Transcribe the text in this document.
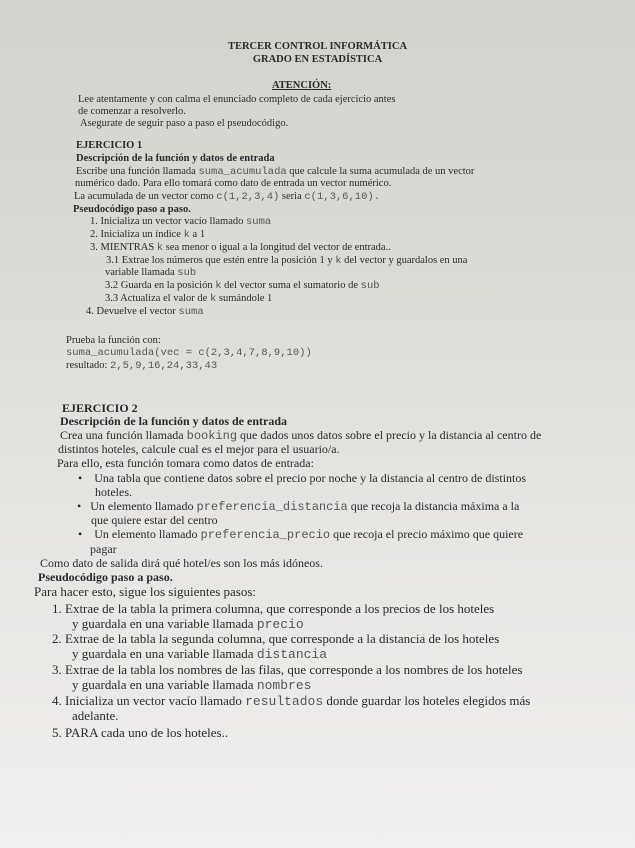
TERCER CONTROL INFORMÁTICA
GRADO EN ESTADÍSTICA
ATENCIÓN:
Lee atentamente y con calma el enunciado completo de cada ejercicio antes
de comenzar a resolverlo.
Asegurate de seguir paso a paso el pseudocódigo.
EJERCICIO 1
Descripción de la función y datos de entrada
Escribe una función llamada suma_acumulada que calcule la suma acumulada de un vector
numérico dado. Para ello tomará como dato de entrada un vector numérico.
La acumulada de un vector como c(1,2,3,4) seria c(1,3,6,10).
Pseudocódigo paso a paso.
1. Inicializa un vector vacío llamado suma
2. Inicializa un índice k a 1
3. MIENTRAS k sea menor o igual a la longitud del vector de entrada..
3.1 Extrae los números que estén entre la posición 1 y k del vector y guardalos en una
variable llamada sub
3.2 Guarda en la posición k del vector suma el sumatorio de sub
3.3 Actualiza el valor de k sumándole 1
4. Devuelve el vector suma
Prueba la función con:
suma_acumulada(vec = c(2,3,4,7,8,9,10))
resultado: 2,5,9,16,24,33,43
EJERCICIO 2
Descripción de la función y datos de entrada
Crea una función llamada booking que dados unos datos sobre el precio y la distancia al centro de
distintos hoteles, calcule cual es el mejor para el usuario/a.
Para ello, esta función tomara como datos de entrada:
•    Una tabla que contiene datos sobre el precio por noche y la distancia al centro de distintos
hoteles.
•   Un elemento llamado preferencia_distancia que recoja la distancia máxima a la
que quiere estar del centro
•    Un elemento llamado preferencia_precio que recoja el precio máximo que quiere
pagar
Como dato de salida dirá qué hotel/es son los más idóneos.
Pseudocódigo paso a paso.
Para hacer esto, sigue los siguientes pasos:
1. Extrae de la tabla la primera columna, que corresponde a los precios de los hoteles
y guardala en una variable llamada precio
2. Extrae de la tabla la segunda columna, que corresponde a la distancia de los hoteles
y guardala en una variable llamada distancia
3. Extrae de la tabla los nombres de las filas, que corresponde a los nombres de los hoteles
y guardala en una variable llamada nombres
4. Inicializa un vector vacío llamado resultados donde guardar los hoteles elegidos más
adelante.
5. PARA cada uno de los hoteles..
